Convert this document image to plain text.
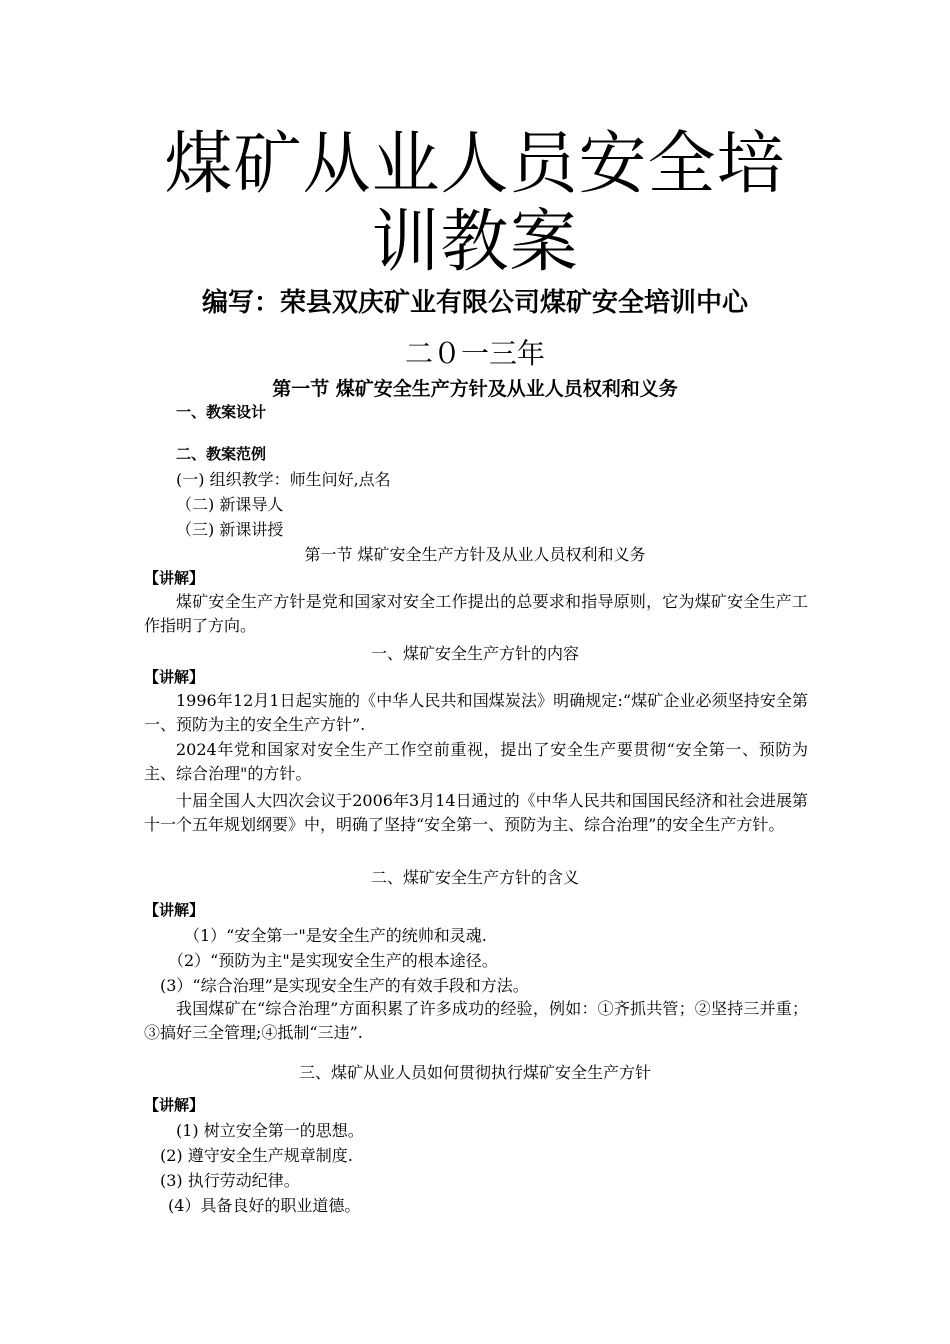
煤矿从业人员安全培
训教案
编写：荣县双庆矿业有限公司煤矿安全培训中心
二０一三年
第一节 煤矿安全生产方针及从业人员权利和义务
一、教案设计
二、教案范例
(一) 组织教学：师生问好,点名
（二) 新课导人
（三) 新课讲授
第一节 煤矿安全生产方针及从业人员权利和义务
【讲解】
煤矿安全生产方针是党和国家对安全工作提出的总要求和指导原则，它为煤矿安全生产工作指明了方向。
一、煤矿安全生产方针的内容
【讲解】
1996年12月1日起实施的《中华人民共和国煤炭法》明确规定:“煤矿企业必须坚持安全第一、预防为主的安全生产方针”.
2024年党和国家对安全生产工作空前重视，提出了安全生产要贯彻“安全第一、预防为主、综合治理"的方针。
十届全国人大四次会议于2006年3月14日通过的《中华人民共和国国民经济和社会进展第十一个五年规划纲要》中，明确了坚持“安全第一、预防为主、综合治理”的安全生产方针。
二、煤矿安全生产方针的含义
【讲解】
（1）“安全第一"是安全生产的统帅和灵魂.
（2）“预防为主"是实现安全生产的根本途径。
(3）“综合治理”是实现安全生产的有效手段和方法。
我国煤矿在“综合治理”方面积累了许多成功的经验，例如：①齐抓共管；②坚持三并重；③搞好三全管理;④抵制“三违”.
三、煤矿从业人员如何贯彻执行煤矿安全生产方针
【讲解】
(1) 树立安全第一的思想。
(2) 遵守安全生产规章制度.
(3) 执行劳动纪律。
(4）具备良好的职业道德。
